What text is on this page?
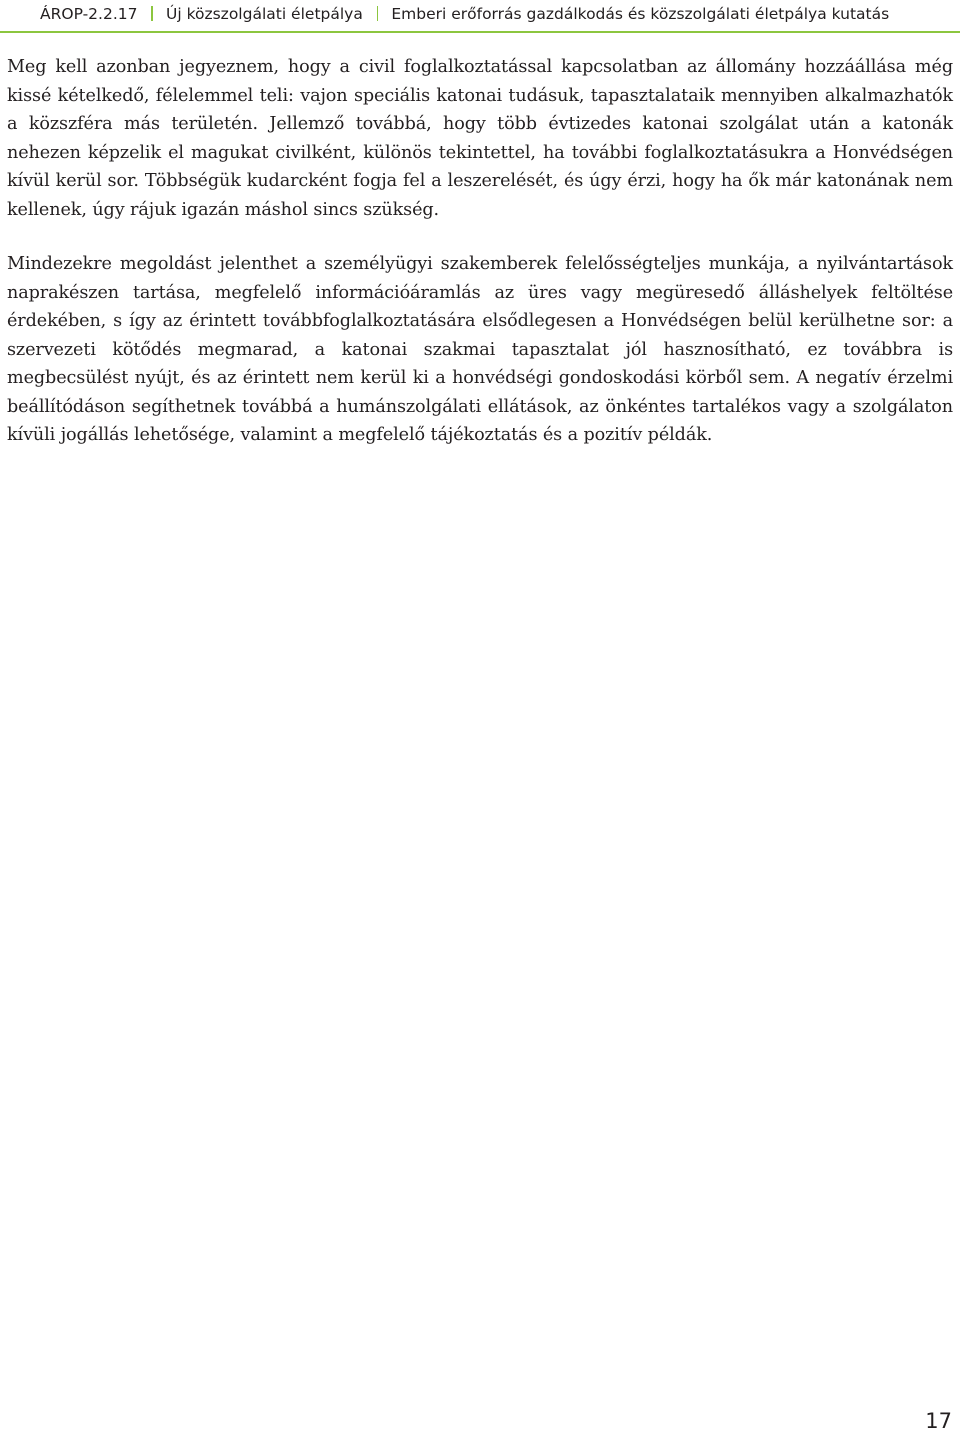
ÁROP-2.2.17 Új közszolgálati életpálya Emberi erőforrás gazdálkodás és közszolgálati életpálya kutatás

Meg kell azonban jegyeznem, hogy a civil foglalkoztatással kapcsolatban az állomány hozzáállása még kissé kételkedő, félelemmel teli: vajon speciális katonai tudásuk, tapasztalataik mennyiben alkalmazhatók a közszféra más területén. Jellemző továbbá, hogy több évtizedes katonai szolgálat után a katonák nehezen képzelik el magukat civilként, különös tekintettel, ha további foglalkoztatásukra a Honvédségen kívül kerül sor. Többségük kudarcként fogja fel a leszerelését, és úgy érzi, hogy ha ők már katonának nem kellenek, úgy rájuk igazán máshol sincs szükség.

Mindezekre megoldást jelenthet a személyügyi szakemberek felelősségteljes munkája, a nyilvántartások naprakészen tartása, megfelelő információáramlás az üres vagy megüresedő álláshelyek feltöltése érdekében, s így az érintett továbbfoglalkoztatására elsődlegesen a Honvédségen belül kerülhetne sor: a szervezeti kötődés megmarad, a katonai szakmai tapasztalat jól hasznosítható, ez továbbra is megbecsülést nyújt, és az érintett nem kerül ki a honvédségi gondoskodási körből sem. A negatív érzelmi beállítódáson segíthetnek továbbá a humánszolgálati ellátások, az önkéntes tartalékos vagy a szolgálaton kívüli jogállás lehetősége, valamint a megfelelő tájékoztatás és a pozitív példák.

17
